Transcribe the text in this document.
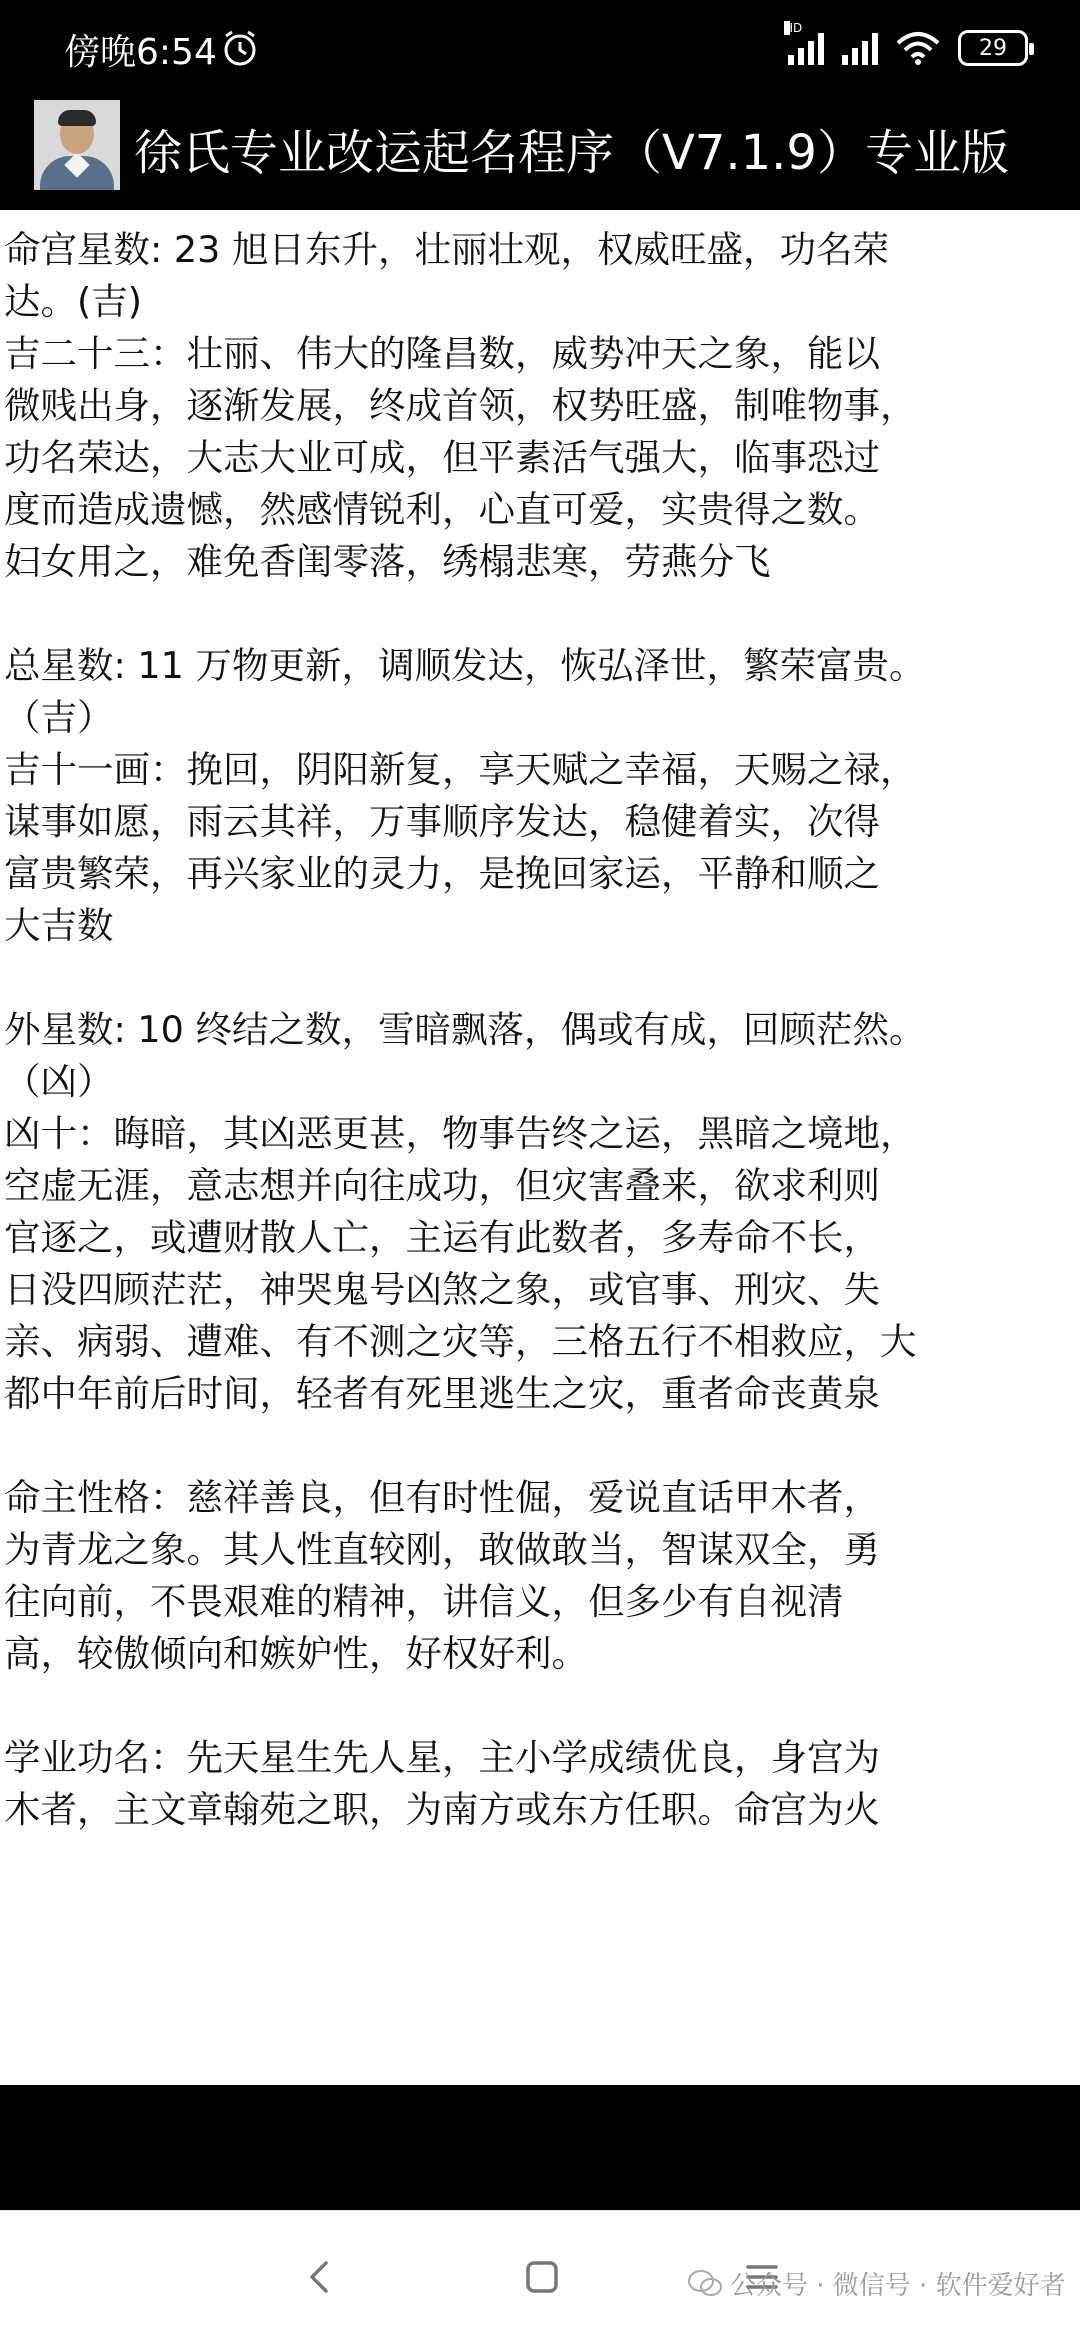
傍晚6:54
HD
29
徐氏专业改运起名程序（V7.1.9）专业版
命宫星数: 23 旭日东升，壮丽壮观，权威旺盛，功名荣
达。(吉)
吉二十三：壮丽、伟大的隆昌数，威势冲天之象，能以
微贱出身，逐渐发展，终成首领，权势旺盛，制唯物事，
功名荣达，大志大业可成，但平素活气强大，临事恐过
度而造成遗憾，然感情锐利，心直可爱，实贵得之数。
妇女用之，难免香闺零落，绣榻悲寒，劳燕分飞
总星数: 11 万物更新，调顺发达，恢弘泽世，繁荣富贵。
（吉）
吉十一画：挽回，阴阳新复，享天赋之幸福，天赐之禄，
谋事如愿，雨云其祥，万事顺序发达，稳健着实，次得
富贵繁荣，再兴家业的灵力，是挽回家运，平静和顺之
大吉数
外星数: 10 终结之数，雪暗飘落，偶或有成，回顾茫然。
（凶）
凶十：晦暗，其凶恶更甚，物事告终之运，黑暗之境地，
空虚无涯，意志想并向往成功，但灾害叠来，欲求利则
官逐之，或遭财散人亡，主运有此数者，多寿命不长，
日没四顾茫茫，神哭鬼号凶煞之象，或官事、刑灾、失
亲、病弱、遭难、有不测之灾等，三格五行不相救应，大
都中年前后时间，轻者有死里逃生之灾，重者命丧黄泉
命主性格：慈祥善良，但有时性倔，爱说直话甲木者，
为青龙之象。其人性直较刚，敢做敢当，智谋双全，勇
往向前，不畏艰难的精神，讲信义，但多少有自视清
高，较傲倾向和嫉妒性，好权好利。
学业功名：先天星生先人星，主小学成绩优良，身宫为
木者，主文章翰苑之职，为南方或东方任职。命宫为火
公众号 · 微信号 · 软件爱好者
